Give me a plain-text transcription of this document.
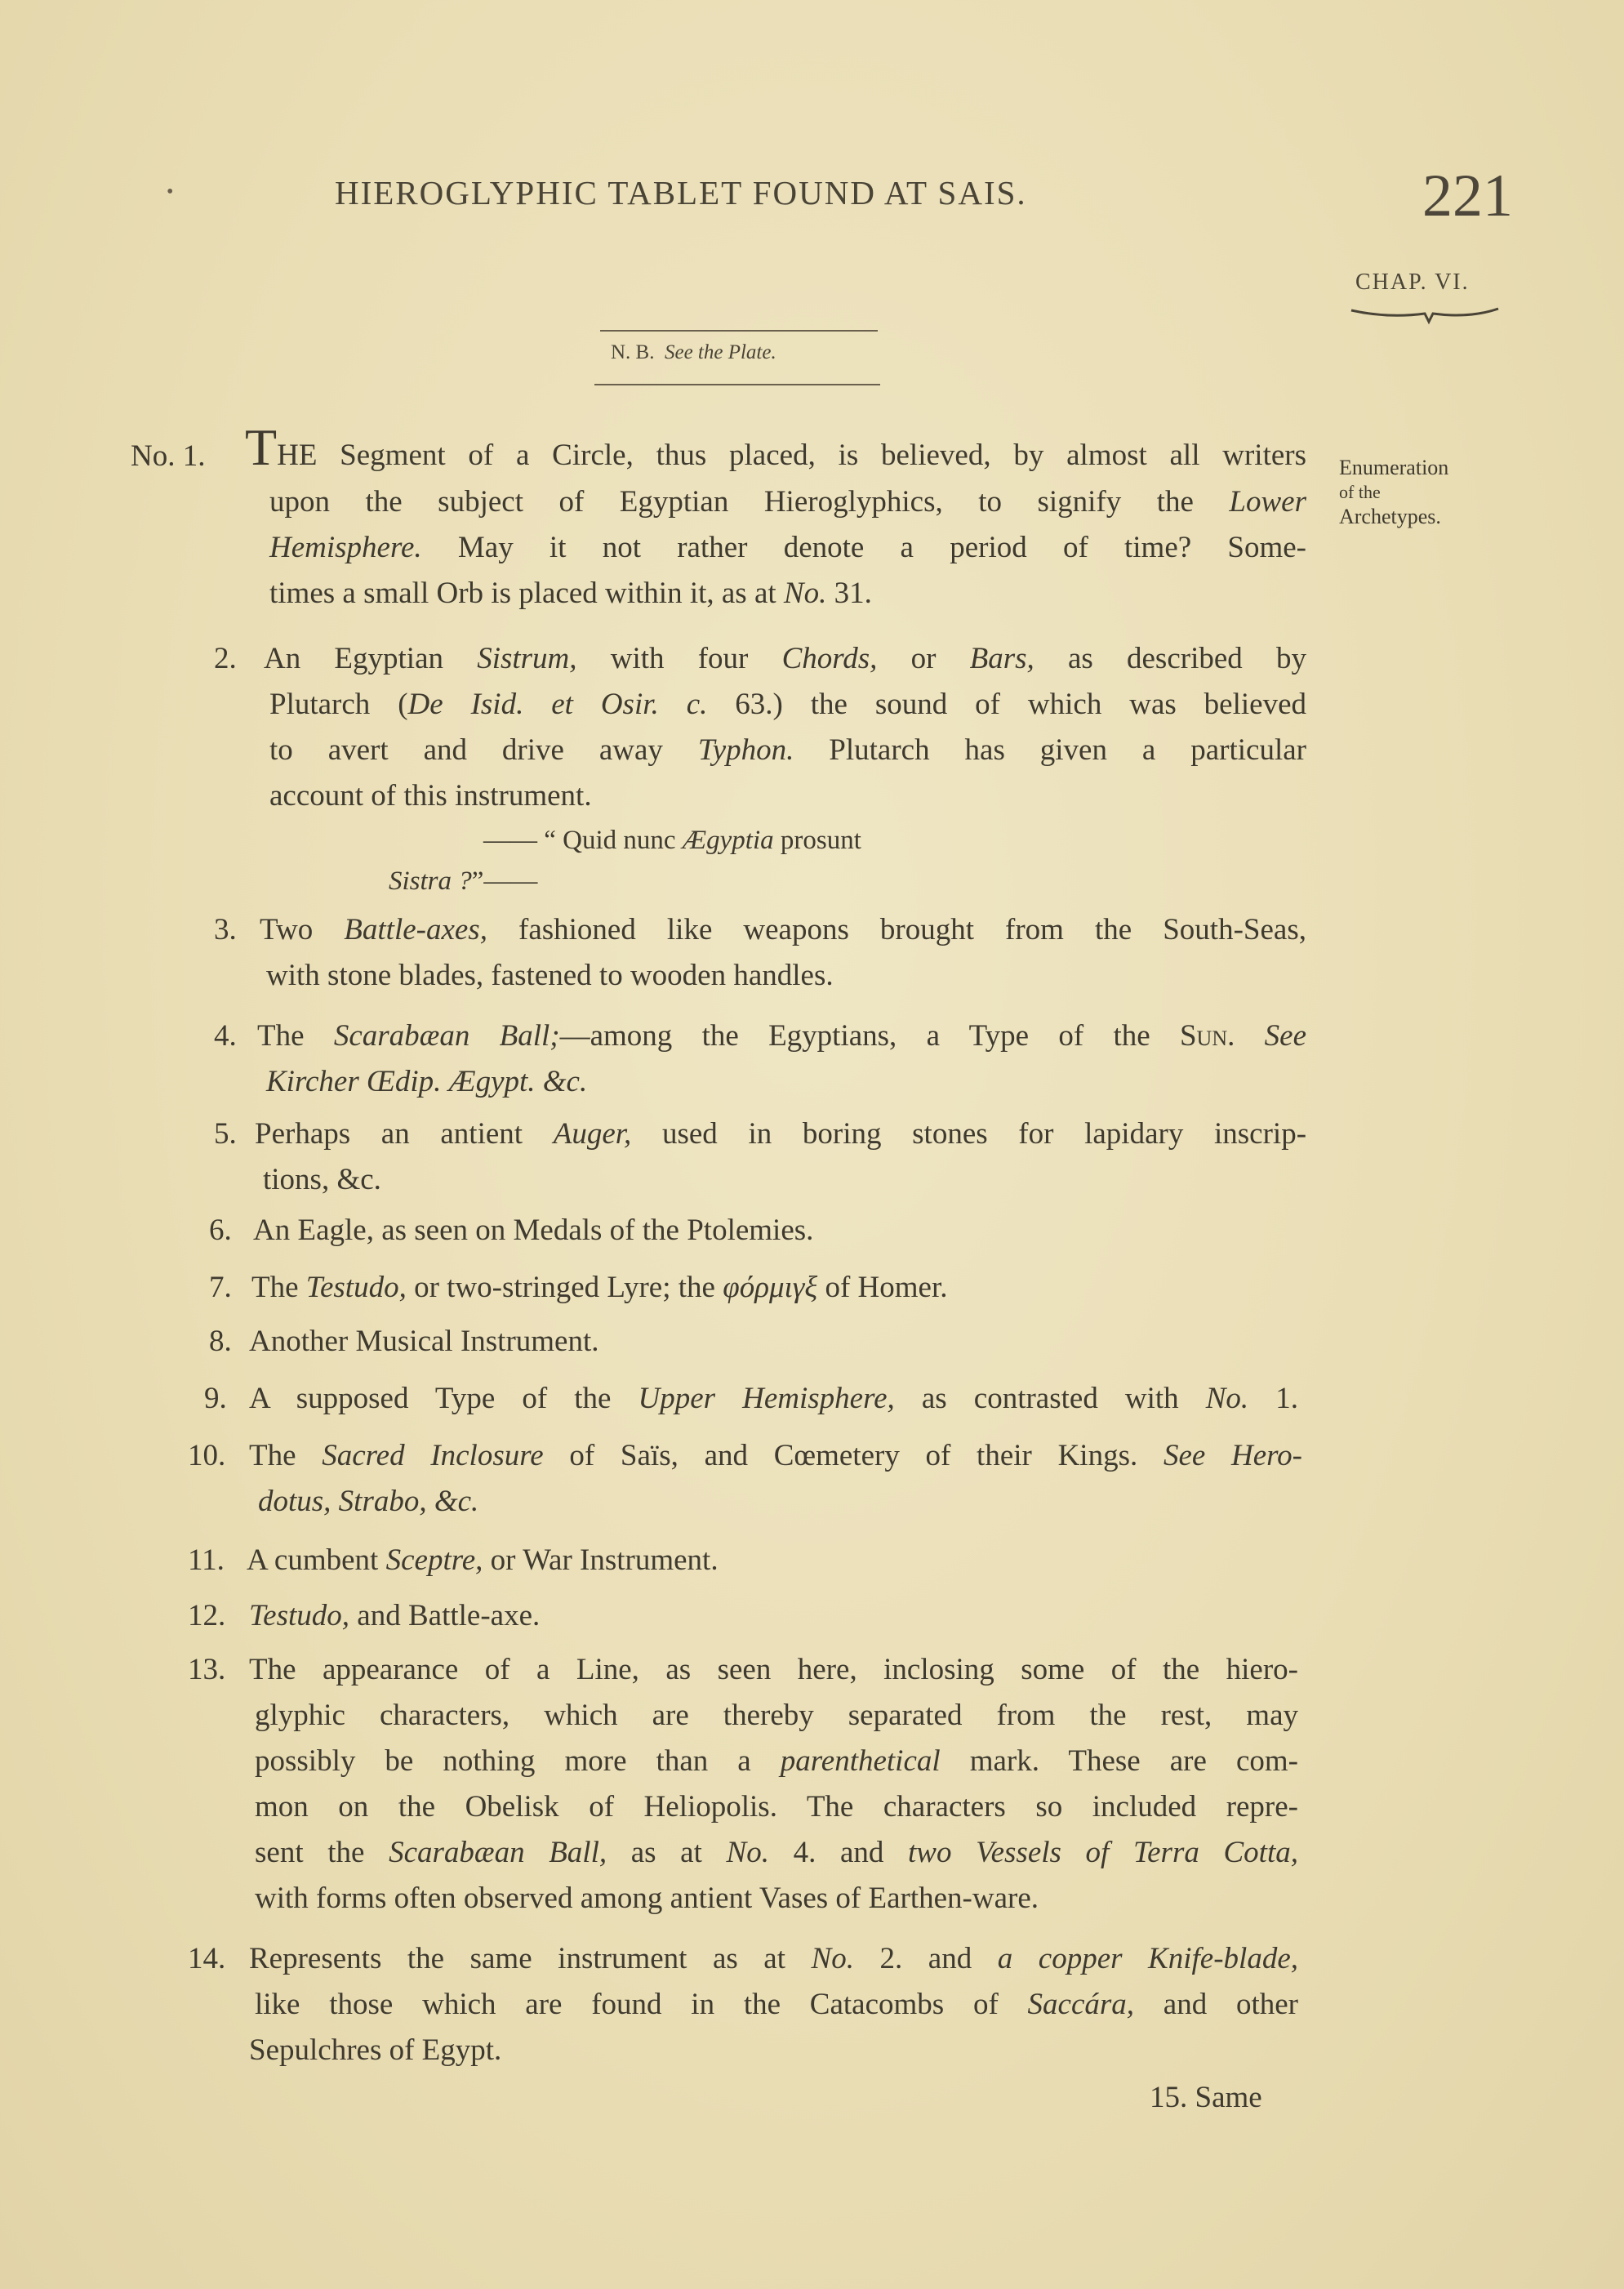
•	HIEROGLYPHIC TABLET FOUND AT SAIS.	221
CHAP. VI.
N. B. See the Plate.
Enumeration
of the
Archetypes.
No. 1. THE Segment of a Circle, thus placed, is believed, by almost all writers
upon the subject of Egyptian Hieroglyphics, to signify the Lower
Hemisphere. May it not rather denote a period of time? Some-
times a small Orb is placed within it, as at No. 31.
2. An Egyptian Sistrum, with four Chords, or Bars, as described by
Plutarch (De Isid. et Osir. c. 63.) the sound of which was believed
to avert and drive away Typhon. Plutarch has given a particular
account of this instrument.
—— “ Quid nunc Ægyptia prosunt
Sistra ?”——
3. Two Battle-axes, fashioned like weapons brought from the South-Seas,
with stone blades, fastened to wooden handles.
4. The Scarabæan Ball;—among the Egyptians, a Type of the Sun. See
Kircher Œdip. Ægypt. &c.
5. Perhaps an antient Auger, used in boring stones for lapidary inscrip-
tions, &c.
6. An Eagle, as seen on Medals of the Ptolemies.
7. The Testudo, or two-stringed Lyre; the φόρμιγξ of Homer.
8. Another Musical Instrument.
9. A supposed Type of the Upper Hemisphere, as contrasted with No. 1.
10. The Sacred Inclosure of Saïs, and Cœmetery of their Kings. See Hero-
dotus, Strabo, &c.
11. A cumbent Sceptre, or War Instrument.
12. Testudo, and Battle-axe.
13. The appearance of a Line, as seen here, inclosing some of the hiero-
glyphic characters, which are thereby separated from the rest, may
possibly be nothing more than a parenthetical mark. These are com-
mon on the Obelisk of Heliopolis. The characters so included repre-
sent the Scarabæan Ball, as at No. 4. and two Vessels of Terra Cotta,
with forms often observed among antient Vases of Earthen-ware.
14. Represents the same instrument as at No. 2. and a copper Knife-blade,
like those which are found in the Catacombs of Saccára, and other
Sepulchres of Egypt.
15. Same
